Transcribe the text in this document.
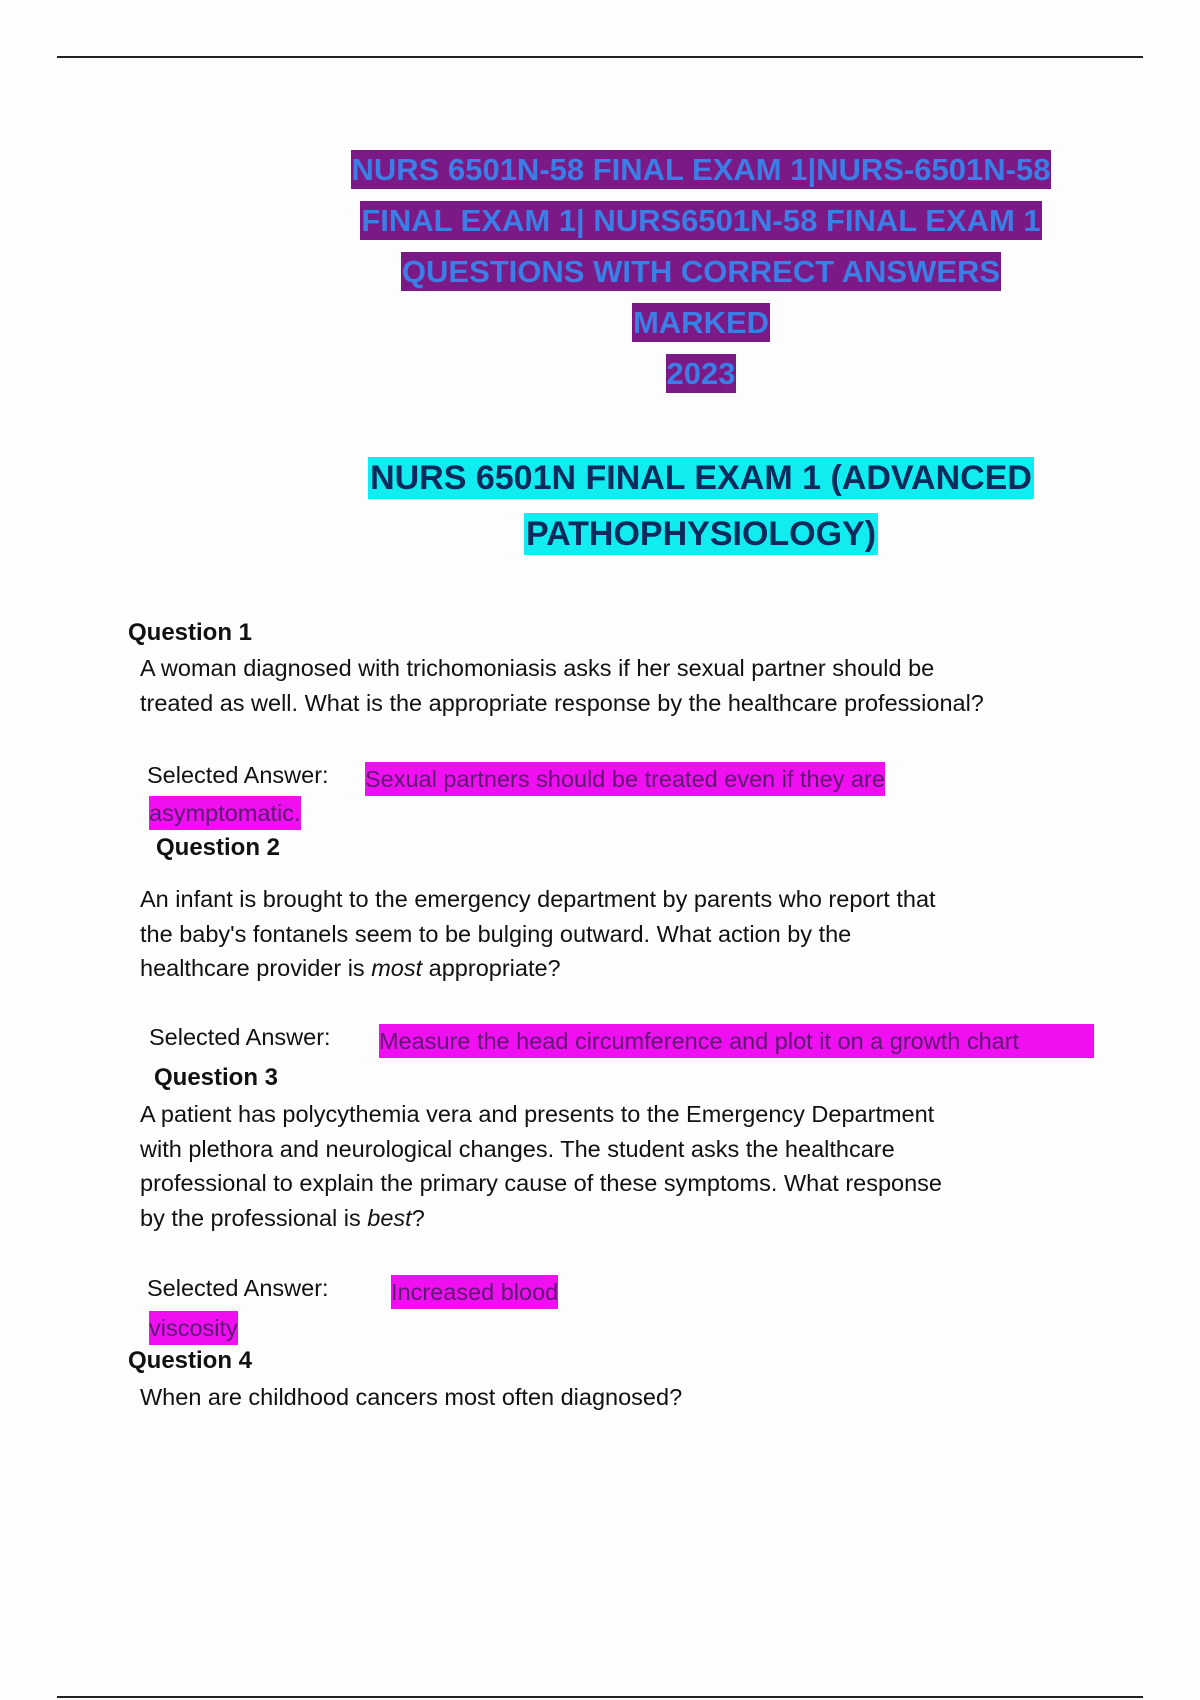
NURS 6501N-58 FINAL EXAM 1|NURS-6501N-58
FINAL EXAM 1| NURS6501N-58 FINAL EXAM 1
QUESTIONS WITH CORRECT ANSWERS MARKED
2023
NURS 6501N FINAL EXAM 1 (ADVANCED
PATHOPHYSIOLOGY)
Question 1
A woman diagnosed with trichomoniasis asks if her sexual partner should be
treated as well. What is the appropriate response by the healthcare professional?
Selected Answer: Sexual partners should be treated even if they are
asymptomatic.
Question 2
An infant is brought to the emergency department by parents who report that
the baby's fontanels seem to be bulging outward. What action by the
healthcare provider is most appropriate?
Selected Answer: Measure the head circumference and plot it on a growth chart
Question 3
A patient has polycythemia vera and presents to the Emergency Department
with plethora and neurological changes. The student asks the healthcare
professional to explain the primary cause of these symptoms. What response
by the professional is best?
Selected Answer:	Increased blood
viscosity
Question 4
When are childhood cancers most often diagnosed?
